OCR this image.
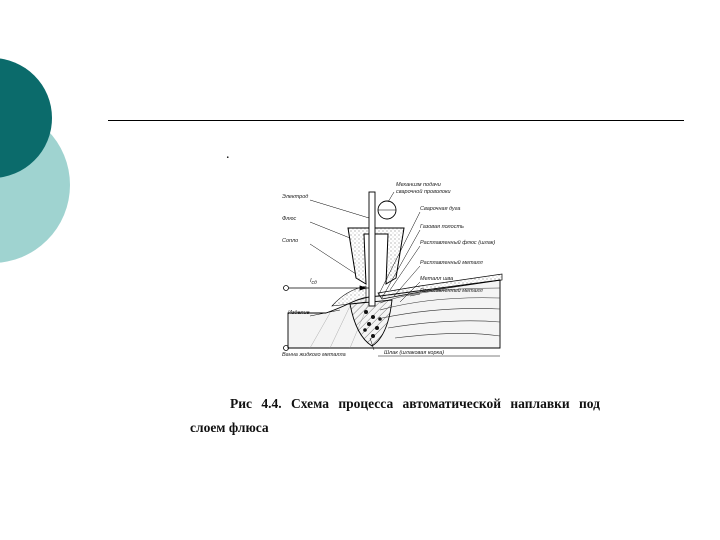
.
Электрод
Флюс
Сопло
Iсд
Изделие
Ванна жидкого металла
Механизм подачи
сварочной проволоки
Сварочная дуга
Газовая полость
Расплавленный флюс (шлак)
Расплавленный металл
Металл шва
Расплавленный металл
Шлак (шлаковая корка)
Рис 4.4. Схема процесса автоматической наплавки под
слоем флюса
